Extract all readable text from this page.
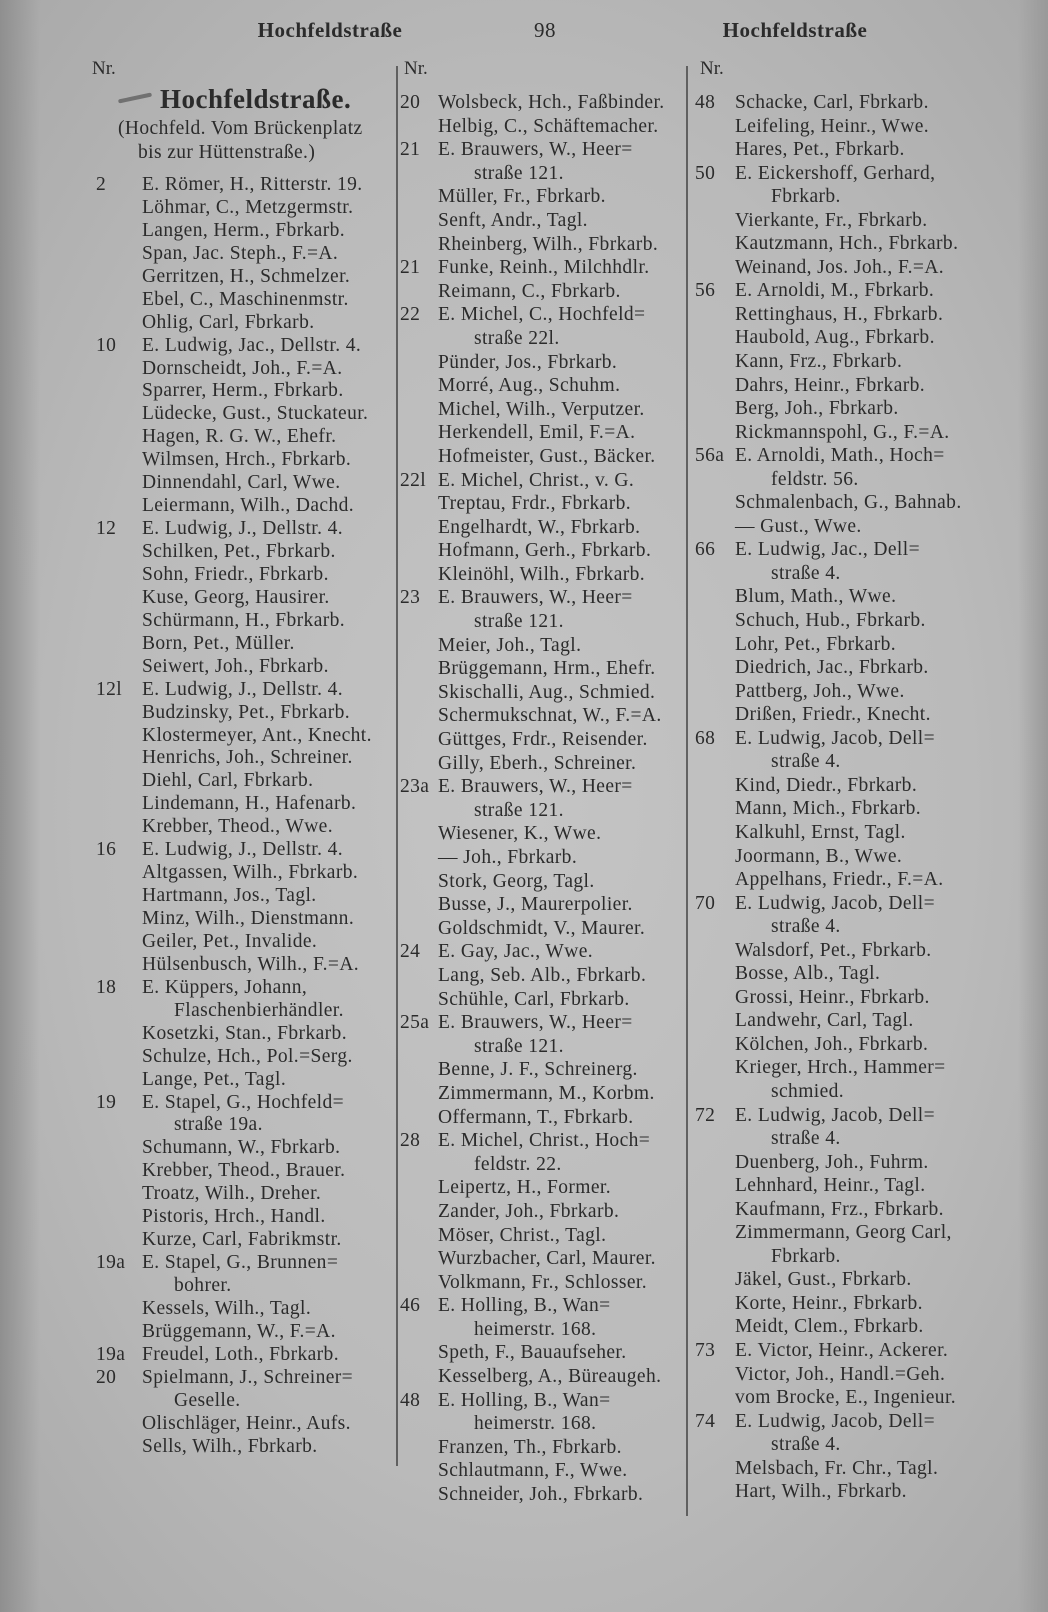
Hochfeldstraße	98	Hochfeldstraße
Nr.	Nr.	Nr.
Hochfeldstraße.
(Hochfeld. Vom Brückenplatz
bis zur Hüttenstraße.)
2	E. Römer, H., Ritterstr. 19.
Löhmar, C., Metzgermstr.
Langen, Herm., Fbrkarb.
Span, Jac. Steph., F.=A.
Gerritzen, H., Schmelzer.
Ebel, C., Maschinenmstr.
Ohlig, Carl, Fbrkarb.
10	E. Ludwig, Jac., Dellstr. 4.
Dornscheidt, Joh., F.=A.
Sparrer, Herm., Fbrkarb.
Lüdecke, Gust., Stuckateur.
Hagen, R. G. W., Ehefr.
Wilmsen, Hrch., Fbrkarb.
Dinnendahl, Carl, Wwe.
Leiermann, Wilh., Dachd.
12	E. Ludwig, J., Dellstr. 4.
Schilken, Pet., Fbrkarb.
Sohn, Friedr., Fbrkarb.
Kuse, Georg, Hausirer.
Schürmann, H., Fbrkarb.
Born, Pet., Müller.
Seiwert, Joh., Fbrkarb.
12l	E. Ludwig, J., Dellstr. 4.
Budzinsky, Pet., Fbrkarb.
Klostermeyer, Ant., Knecht.
Henrichs, Joh., Schreiner.
Diehl, Carl, Fbrkarb.
Lindemann, H., Hafenarb.
Krebber, Theod., Wwe.
16	E. Ludwig, J., Dellstr. 4.
Altgassen, Wilh., Fbrkarb.
Hartmann, Jos., Tagl.
Minz, Wilh., Dienstmann.
Geiler, Pet., Invalide.
Hülsenbusch, Wilh., F.=A.
18	E. Küppers, Johann,
Flaschenbierhändler.
Kosetzki, Stan., Fbrkarb.
Schulze, Hch., Pol.=Serg.
Lange, Pet., Tagl.
19	E. Stapel, G., Hochfeld=
straße 19a.
Schumann, W., Fbrkarb.
Krebber, Theod., Brauer.
Troatz, Wilh., Dreher.
Pistoris, Hrch., Handl.
Kurze, Carl, Fabrikmstr.
19a E. Stapel, G., Brunnen=
bohrer.
Kessels, Wilh., Tagl.
Brüggemann, W., F.=A.
19a Freudel, Loth., Fbrkarb.
20	Spielmann, J., Schreiner=
Geselle.
Olischläger, Heinr., Aufs.
Sells, Wilh., Fbrkarb.
20 Wolsbeck, Hch., Faßbinder.
Helbig, C., Schäftemacher.
21 E. Brauwers, W., Heer=
straße 121.
Müller, Fr., Fbrkarb.
Senft, Andr., Tagl.
Rheinberg, Wilh., Fbrkarb.
21 Funke, Reinh., Milchhdlr.
Reimann, C., Fbrkarb.
22 E. Michel, C., Hochfeld=
straße 22l.
Pünder, Jos., Fbrkarb.
Morré, Aug., Schuhm.
Michel, Wilh., Verputzer.
Herkendell, Emil, F.=A.
Hofmeister, Gust., Bäcker.
22l E. Michel, Christ., v. G.
Treptau, Frdr., Fbrkarb.
Engelhardt, W., Fbrkarb.
Hofmann, Gerh., Fbrkarb.
Kleinöhl, Wilh., Fbrkarb.
23 E. Brauwers, W., Heer=
straße 121.
Meier, Joh., Tagl.
Brüggemann, Hrm., Ehefr.
Skischalli, Aug., Schmied.
Schermukschnat, W., F.=A.
Güttges, Frdr., Reisender.
Gilly, Eberh., Schreiner.
23a E. Brauwers, W., Heer=
straße 121.
Wiesener, K., Wwe.
— Joh., Fbrkarb.
Stork, Georg, Tagl.
Busse, J., Maurerpolier.
Goldschmidt, V., Maurer.
24 E. Gay, Jac., Wwe.
Lang, Seb. Alb., Fbrkarb.
Schühle, Carl, Fbrkarb.
25a E. Brauwers, W., Heer=
straße 121.
Benne, J. F., Schreinerg.
Zimmermann, M., Korbm.
Offermann, T., Fbrkarb.
28 E. Michel, Christ., Hoch=
feldstr. 22.
Leipertz, H., Former.
Zander, Joh., Fbrkarb.
Möser, Christ., Tagl.
Wurzbacher, Carl, Maurer.
Volkmann, Fr., Schlosser.
46 E. Holling, B., Wan=
heimerstr. 168.
Speth, F., Bauaufseher.
Kesselberg, A., Büreaugeh.
48 E. Holling, B., Wan=
heimerstr. 168.
Franzen, Th., Fbrkarb.
Schlautmann, F., Wwe.
Schneider, Joh., Fbrkarb.
48	Schacke, Carl, Fbrkarb.
Leifeling, Heinr., Wwe.
Hares, Pet., Fbrkarb.
50	E. Eickershoff, Gerhard,
Fbrkarb.
Vierkante, Fr., Fbrkarb.
Kautzmann, Hch., Fbrkarb.
Weinand, Jos. Joh., F.=A.
56	E. Arnoldi, M., Fbrkarb.
Rettinghaus, H., Fbrkarb.
Haubold, Aug., Fbrkarb.
Kann, Frz., Fbrkarb.
Dahrs, Heinr., Fbrkarb.
Berg, Joh., Fbrkarb.
Rickmannspohl, G., F.=A.
56a E. Arnoldi, Math., Hoch=
feldstr. 56.
Schmalenbach, G., Bahnab.
— Gust., Wwe.
66	E. Ludwig, Jac., Dell=
straße 4.
Blum, Math., Wwe.
Schuch, Hub., Fbrkarb.
Lohr, Pet., Fbrkarb.
Diedrich, Jac., Fbrkarb.
Pattberg, Joh., Wwe.
Drißen, Friedr., Knecht.
68	E. Ludwig, Jacob, Dell=
straße 4.
Kind, Diedr., Fbrkarb.
Mann, Mich., Fbrkarb.
Kalkuhl, Ernst, Tagl.
Joormann, B., Wwe.
Appelhans, Friedr., F.=A.
70	E. Ludwig, Jacob, Dell=
straße 4.
Walsdorf, Pet., Fbrkarb.
Bosse, Alb., Tagl.
Grossi, Heinr., Fbrkarb.
Landwehr, Carl, Tagl.
Kölchen, Joh., Fbrkarb.
Krieger, Hrch., Hammer=
schmied.
72	E. Ludwig, Jacob, Dell=
straße 4.
Duenberg, Joh., Fuhrm.
Lehnhard, Heinr., Tagl.
Kaufmann, Frz., Fbrkarb.
Zimmermann, Georg Carl,
Fbrkarb.
Jäkel, Gust., Fbrkarb.
Korte, Heinr., Fbrkarb.
Meidt, Clem., Fbrkarb.
73	E. Victor, Heinr., Ackerer.
Victor, Joh., Handl.=Geh.
vom Brocke, E., Ingenieur.
74	E. Ludwig, Jacob, Dell=
straße 4.
Melsbach, Fr. Chr., Tagl.
Hart, Wilh., Fbrkarb.
